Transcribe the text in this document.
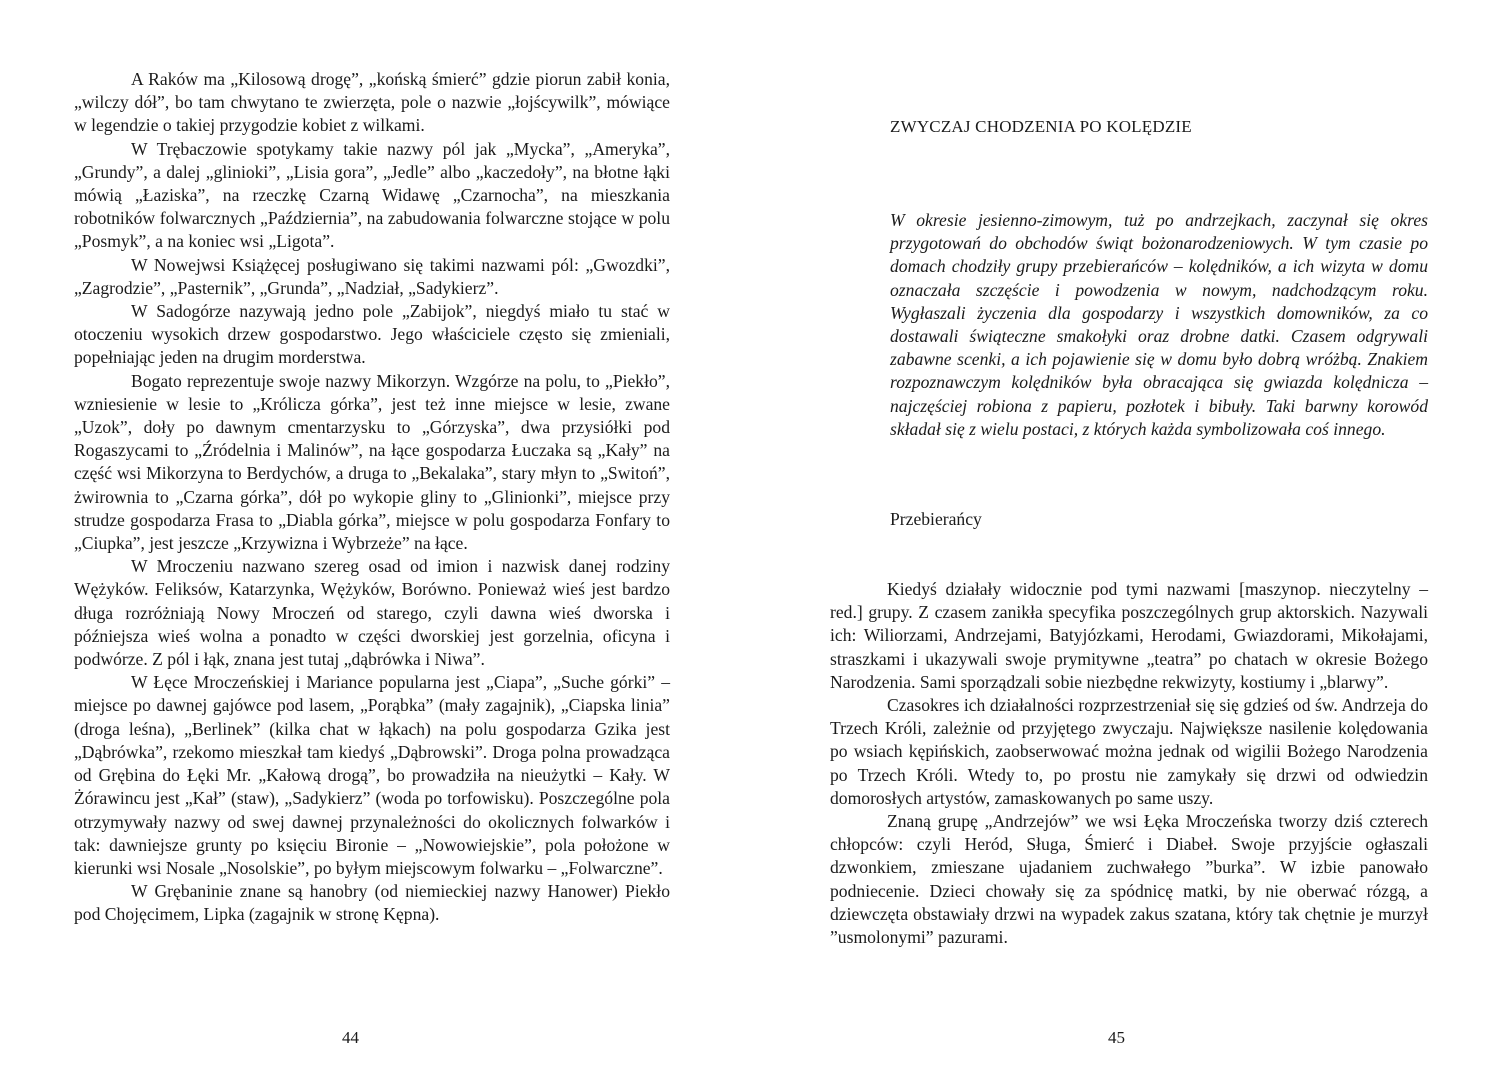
A Raków ma „Kilosową drogę”, „końską śmierć” gdzie piorun zabił konia, „wilczy dół”, bo tam chwytano te zwierzęta, pole o nazwie „łojścywilk”, mówiące w legendzie o takiej przygodzie kobiet z wilkami.

W Trębaczowie spotykamy takie nazwy pól jak „Mycka”, „Ameryka”, „Grundy”, a dalej „glinioki”, „Lisia gora”, „Jedle” albo „kaczedoły”, na błotne łąki mówią „Łaziska”, na rzeczkę Czarną Widawę „Czarnocha”, na mieszkania robotników folwarcznych „Październiа”, na zabudowania folwarczne stojące w polu „Posmyk”, a na koniec wsi „Ligota”.

W Nowejwsi Książęcej posługiwano się takimi nazwami pól: „Gwozdki”, „Zagrodzie”, „Pasternik”, „Grunda”, „Nadział, „Sadykierz”.

W Sadogórze nazywają jedno pole „Zabijok”, niegdyś miało tu stać w otoczeniu wysokich drzew gospodarstwo. Jego właściciele często się zmieniali, popełniając jeden na drugim morderstwa.

Bogato reprezentuje swoje nazwy Mikorzyn. Wzgórze na polu, to „Piekło”, wzniesienie w lesie to „Królicza górka”, jest też inne miejsce w lesie, zwane „Uzok”, doły po dawnym cmentarzysku to „Górzyska”, dwa przysiółki pod Rogaszycami to „Źródelnia i Malinów”, na łące gospodarza Łuczaka są „Kały” na część wsi Mikorzyna to Berdychów, a druga to „Bekalaka”, stary młyn to „Switoń”, żwirownia to „Czarna górka”, dół po wykopie gliny to „Glinionki”, miejsce przy strudze gospodarza Frasa to „Diabla górka”, miejsce w polu gospodarza Fonfary to „Ciupka”, jest jeszcze „Krzywizna i Wybrzeże” na łące.

W Mroczeniu nazwano szereg osad od imion i nazwisk danej rodziny Wężyków. Feliksów, Katarzynka, Wężyków, Borówno. Ponieważ wieś jest bardzo długa rozróżniają Nowy Mroczeń od starego, czyli dawna wieś dworska i późniejsza wieś wolna a ponadto w części dworskiej jest gorzelnia, oficyna i podwórze. Z pól i łąk, znana jest tutaj „dąbrówka i Niwa”.

W Łęce Mroczeńskiej i Mariance popularna jest „Ciapa”, „Suche górki” – miejsce po dawnej gajówce pod lasem, „Porąbka” (mały zagajnik), „Ciapska linia” (droga leśna), „Berlinek” (kilka chat w łąkach) na polu gospodarza Gzika jest „Dąbrówka”, rzekomo mieszkał tam kiedyś „Dąbrowski”. Droga polna prowadząca od Grębina do Łęki Mr. „Kałową drogą”, bo prowadziła na nieużytki – Kały. W Żórawincu jest „Kał” (staw), „Sadykierz” (woda po torfowisku). Poszczególne pola otrzymywały nazwy od swej dawnej przynależności do okolicznych folwarków i tak: dawniejsze grunty po księciu Bironie – „Nowowiejskie”, pola położone w kierunki wsi Nosale „Nosolskie”, po byłym miejscowym folwarku – „Folwarczne”.

W Grębaninie znane są hanobry (od niemieckiej nazwy Hanower) Piekło pod Chojęcimem, Lipka (zagajnik w stronę Kępna).

44
ZWYCZAJ CHODZENIA PO KOLĘDZIE

W okresie jesienno-zimowym, tuż po andrzejkach, zaczynał się okres przygotowań do obchodów świąt bożonarodzeniowych. W tym czasie po domach chodziły grupy przebierańców – kolędników, a ich wizyta w domu oznaczała szczęście i powodzenia w nowym, nadchodzącym roku. Wygłaszali życzenia dla gospodarzy i wszystkich domowników, za co dostawali świąteczne smakołyki oraz drobne datki. Czasem odgrywali zabawne scenki, a ich pojawienie się w domu było dobrą wróżbą. Znakiem rozpoznawczym kolędników była obracająca się gwiazda kolędnicza – najczęściej robiona z papieru, pozłotek i bibuły. Taki barwny korowód składał się z wielu postaci, z których każda symbolizowała coś innego.

Przebierańcy

Kiedyś działały widocznie pod tymi nazwami [maszynop. nieczytelny – red.] grupy. Z czasem zanikła specyfika poszczególnych grup aktorskich. Nazywali ich: Wiliorzami, Andrzejami, Batyjózkami, Herodami, Gwiazdorami, Mikołajami, straszkami i ukazywali swoje prymitywne „teatra” po chatach w okresie Bożego Narodzenia. Sami sporządzali sobie niezbędne rekwizyty, kostiumy i „blarwy”.

Czasokres ich działalności rozprzestrzeniał się się gdzieś od św. Andrzeja do Trzech Króli, zależnie od przyjętego zwyczaju. Największe nasilenie kolędowania po wsiach kępińskich, zaobserwować można jednak od wigilii Bożego Narodzenia po Trzech Króli. Wtedy to, po prostu nie zamykały się drzwi od odwiedzin domorosłych artystów, zamaskowanych po same uszy.

Znaną grupę „Andrzejów” we wsi Łęka Mroczeńska tworzy dziś czterech chłopców: czyli Heród, Sługa, Śmierć i Diabeł. Swoje przyjście ogłaszali dzwonkiem, zmieszane ujadaniem zuchwałego ”burka”. W izbie panowało podniecenie. Dzieci chowały się za spódnicę matki, by nie oberwać rózgą, a dziewczęta obstawiały drzwi na wypadek zakus szatana, który tak chętnie je murzył ”usmolonymi” pazurami.

45
